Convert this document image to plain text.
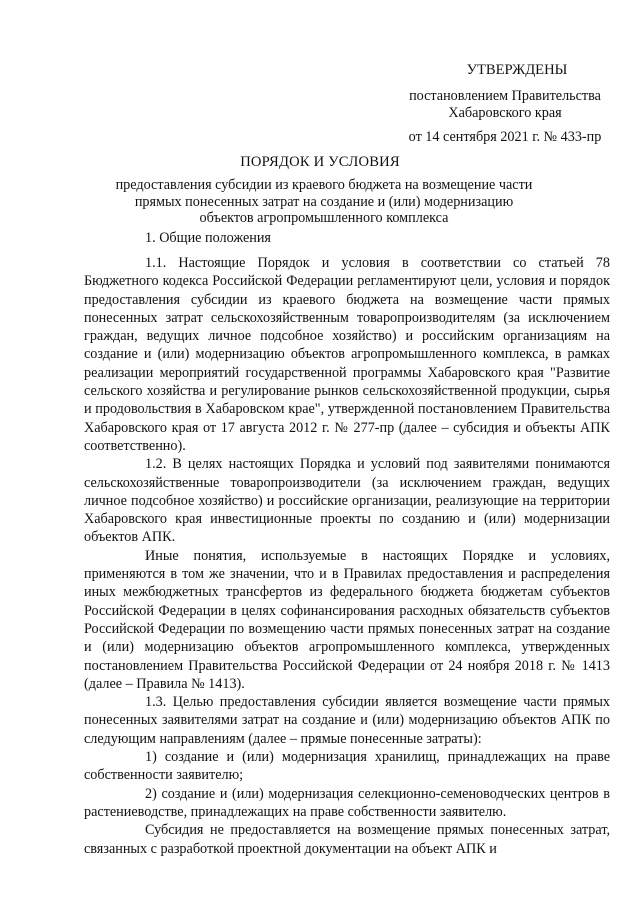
УТВЕРЖДЕНЫ
постановлением Правительства
Хабаровского края
от 14 сентября 2021 г. № 433-пр
ПОРЯДОК И УСЛОВИЯ
предоставления субсидии из краевого бюджета на возмещение части прямых понесенных затрат на создание и (или) модернизацию объектов агропромышленного комплекса
1. Общие положения

1.1. Настоящие Порядок и условия в соответствии со статьей 78 Бюджетного кодекса Российской Федерации регламентируют цели, условия и порядок предоставления субсидии из краевого бюджета на возмещение части прямых понесенных затрат сельскохозяйственным товаропроизводителям (за исключением граждан, ведущих личное подсобное хозяйство) и российским организациям на создание и (или) модернизацию объектов агропромышленного комплекса, в рамках реализации мероприятий государственной программы Хабаровского края "Развитие сельского хозяйства и регулирование рынков сельскохозяйственной продукции, сырья и продовольствия в Хабаровском крае", утвержденной постановлением Правительства Хабаровского края от 17 августа 2012 г. № 277-пр (далее – субсидия и объекты АПК соответственно).

1.2. В целях настоящих Порядка и условий под заявителями понимаются сельскохозяйственные товаропроизводители (за исключением граждан, ведущих личное подсобное хозяйство) и российские организации, реализующие на территории Хабаровского края инвестиционные проекты по созданию и (или) модернизации объектов АПК.

Иные понятия, используемые в настоящих Порядке и условиях, применяются в том же значении, что и в Правилах предоставления и распределения иных межбюджетных трансфертов из федерального бюджета бюджетам субъектов Российской Федерации в целях софинансирования расходных обязательств субъектов Российской Федерации по возмещению части прямых понесенных затрат на создание и (или) модернизацию объектов агропромышленного комплекса, утвержденных постановлением Правительства Российской Федерации от 24 ноября 2018 г. № 1413 (далее – Правила № 1413).

1.3. Целью предоставления субсидии является возмещение части прямых понесенных заявителями затрат на создание и (или) модернизацию объектов АПК по следующим направлениям (далее – прямые понесенные затраты):

1) создание и (или) модернизация хранилищ, принадлежащих на праве собственности заявителю;

2) создание и (или) модернизация селекционно-семеноводческих центров в растениеводстве, принадлежащих на праве собственности заявителю.

Субсидия не предоставляется на возмещение прямых понесенных затрат, связанных с разработкой проектной документации на объект АПК и
